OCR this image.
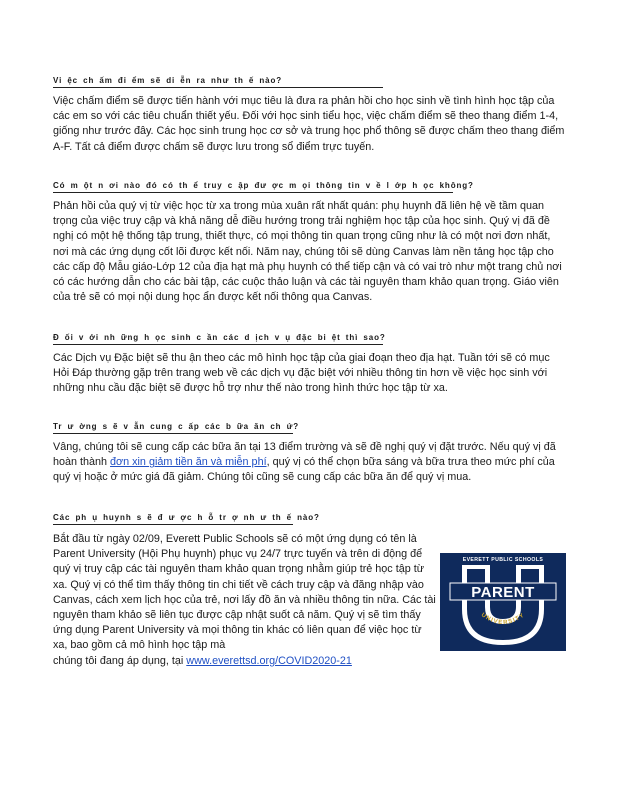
Vi ệc ch ấm đi ểm sẽ di ễn ra như th ế nào?
Việc chấm điểm sẽ được tiến hành với mục tiêu là đưa ra phản hồi cho học sinh về tình hình học tập của các em so với các tiêu chuẩn thiết yếu. Đối với học sinh tiểu học, việc chấm điểm sẽ theo thang điểm 1-4, giống như trước đây. Các học sinh trung học cơ sở và trung học phổ thông sẽ được chấm theo thang điểm A-F. Tất cả điểm được chấm sẽ được lưu trong sổ điểm trực tuyến.
Có m ột n ơi nào đó có th ể truy c ập đư ợc m ọi thông tin v ề l ớp h ọc không?
Phản hồi của quý vị từ việc học từ xa trong mùa xuân rất nhất quán: phụ huynh đã liên hệ về tầm quan trọng của việc truy cập và khả năng dễ điều hướng trong trải nghiệm học tập của học sinh. Quý vị đã đề nghị có một hệ thống tập trung, thiết thực, có mọi thông tin quan trọng cũng như là có một nơi đơn nhất, nơi mà các ứng dụng cốt lõi được kết nối. Năm nay, chúng tôi sẽ dùng Canvas làm nền tảng học tập cho các cấp độ Mẫu giáo-Lớp 12 của địa hạt mà phụ huynh có thể tiếp cận và có vai trò như một trang chủ nơi có các hướng dẫn cho các bài tập, các cuộc thảo luận và các tài nguyên tham khảo quan trọng. Giáo viên của trẻ sẽ có mọi nội dung học ẩn được kết nối thông qua Canvas.
Đ ối v ới nh ững h ọc sinh c ần các d ịch v ụ đặc bi ệt thì sao?
Các Dịch vụ Đặc biệt sẽ thu ận theo các mô hình học tập của giai đoạn theo địa hạt. Tuần tới sẽ có mục Hỏi Đáp thường gặp trên trang web về các dịch vụ đặc biệt với nhiều thông tin hơn về việc học sinh với những nhu cầu đặc biệt sẽ được hỗ trợ như thế nào trong hình thức học tập từ xa.
Tr ư ờng s ẽ v ẫn cung c ấp các b ữa ăn ch ứ?
Vâng, chúng tôi sẽ cung cấp các bữa ăn tại 13 điểm trường và sẽ đề nghị quý vị đặt trước. Nếu quý vị đã hoàn thành đơn xin giảm tiền ăn và miễn phí, quý vị có thể chọn bữa sáng và bữa trưa theo mức phí của quý vị hoặc ở mức giá đã giảm. Chúng tôi cũng sẽ cung cấp các bữa ăn để quý vị mua.
Các ph ụ huynh s ẽ đ ư ợc h ỗ tr ợ nh ư th ế nào?
Bắt đầu từ ngày 02/09, Everett Public Schools sẽ có một ứng dụng có tên là Parent University (Hội Phụ huynh) phục vụ 24/7 trực tuyến và trên di động để quý vị truy cập các tài nguyên tham khảo quan trọng nhằm giúp trẻ học tập từ xa. Quý vị có thể tìm thấy thông tin chi tiết về cách truy cập và đăng nhập vào Canvas, cách xem lịch học của trẻ, nơi lấy đồ ăn và nhiều thông tin nữa. Các tài nguyên tham khảo sẽ liên tục được cập nhật suốt cả năm. Quý vị sẽ tìm thấy ứng dụng Parent University và mọi thông tin khác có liên quan để việc học từ xa, bao gồm cả mô hình học tập mà
chúng tôi đang áp dụng, tại www.everettsd.org/COVID2020-21
EVERETT PUBLIC SCHOOLS
PARENT
UNIVERSITY
